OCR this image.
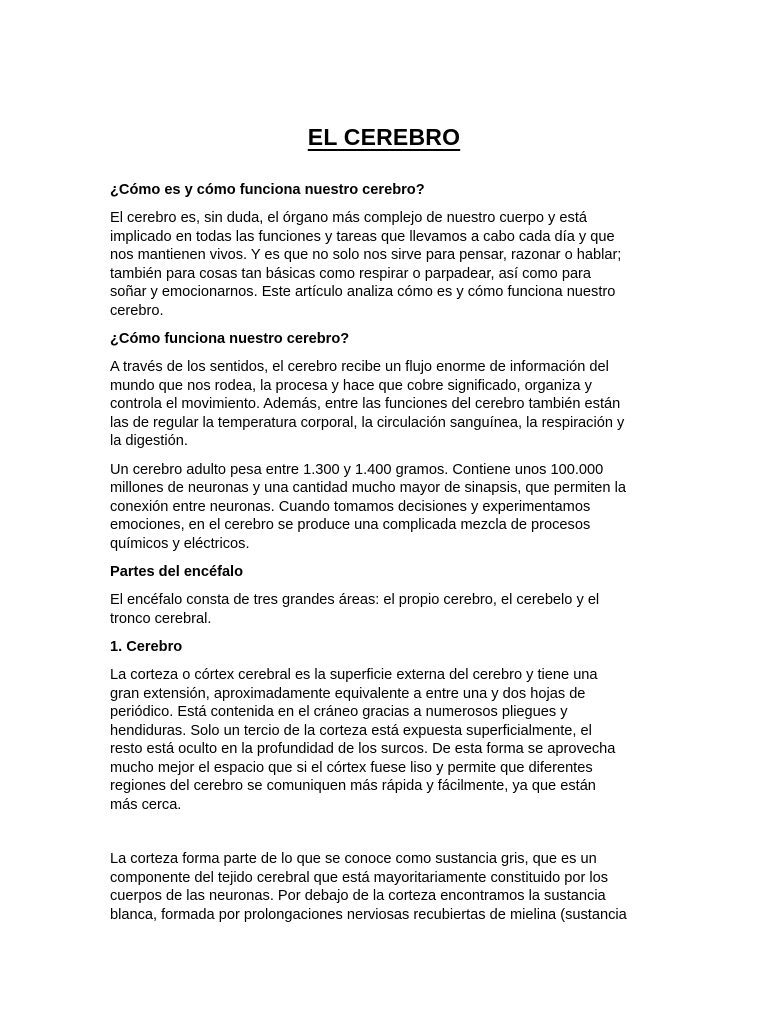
EL CEREBRO
¿Cómo es y cómo funciona nuestro cerebro?
El cerebro es, sin duda, el órgano más complejo de nuestro cuerpo y está
implicado en todas las funciones y tareas que llevamos a cabo cada día y que
nos mantienen vivos. Y es que no solo nos sirve para pensar, razonar o hablar;
también para cosas tan básicas como respirar o parpadear, así como para
soñar y emocionarnos. Este artículo analiza cómo es y cómo funciona nuestro
cerebro.
¿Cómo funciona nuestro cerebro?
A través de los sentidos, el cerebro recibe un flujo enorme de información del
mundo que nos rodea, la procesa y hace que cobre significado, organiza y
controla el movimiento. Además, entre las funciones del cerebro también están
las de regular la temperatura corporal, la circulación sanguínea, la respiración y
la digestión.
Un cerebro adulto pesa entre 1.300 y 1.400 gramos. Contiene unos 100.000
millones de neuronas y una cantidad mucho mayor de sinapsis, que permiten la
conexión entre neuronas. Cuando tomamos decisiones y experimentamos
emociones, en el cerebro se produce una complicada mezcla de procesos
químicos y eléctricos.
Partes del encéfalo
El encéfalo consta de tres grandes áreas: el propio cerebro, el cerebelo y el
tronco cerebral.
1. Cerebro
La corteza o córtex cerebral es la superficie externa del cerebro y tiene una
gran extensión, aproximadamente equivalente a entre una y dos hojas de
periódico. Está contenida en el cráneo gracias a numerosos pliegues y
hendiduras. Solo un tercio de la corteza está expuesta superficialmente, el
resto está oculto en la profundidad de los surcos. De esta forma se aprovecha
mucho mejor el espacio que si el córtex fuese liso y permite que diferentes
regiones del cerebro se comuniquen más rápida y fácilmente, ya que están
más cerca.
La corteza forma parte de lo que se conoce como sustancia gris, que es un
componente del tejido cerebral que está mayoritariamente constituido por los
cuerpos de las neuronas. Por debajo de la corteza encontramos la sustancia
blanca, formada por prolongaciones nerviosas recubiertas de mielina (sustancia
